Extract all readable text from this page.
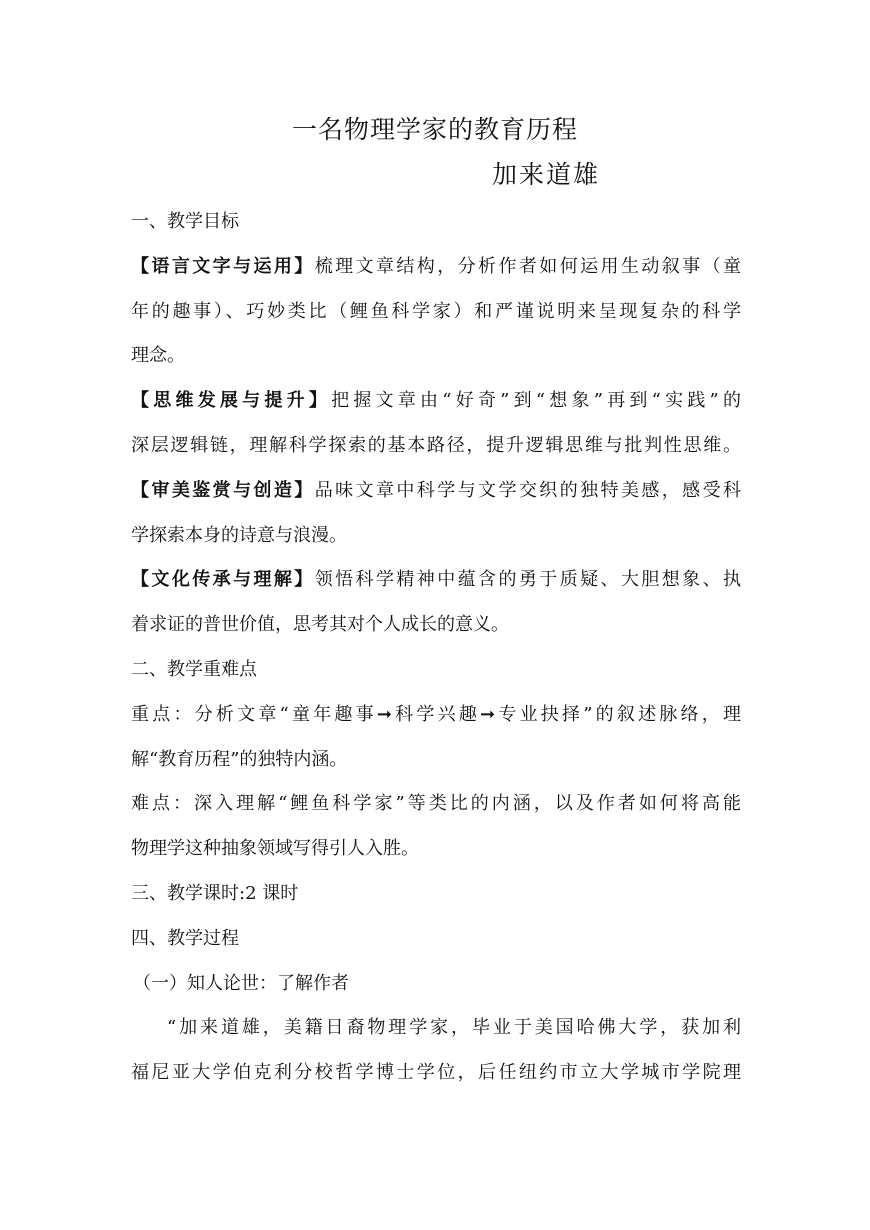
一名物理学家的教育历程
加来道雄
一、教学目标
【语言文字与运用】梳理文章结构，分析作者如何运用生动叙事（童
年的趣事）、巧妙类比（鲤鱼科学家）和严谨说明来呈现复杂的科学
理念。
【思维发展与提升】把握文章由“好奇”到“想象”再到“实践”的
深层逻辑链，理解科学探索的基本路径，提升逻辑思维与批判性思维。
【审美鉴赏与创造】品味文章中科学与文学交织的独特美感，感受科
学探索本身的诗意与浪漫。
【文化传承与理解】领悟科学精神中蕴含的勇于质疑、大胆想象、执
着求证的普世价值，思考其对个人成长的意义。
二、教学重难点
重点：分析文章“童年趣事➞科学兴趣➞专业抉择”的叙述脉络，理
解“教育历程”的独特内涵。
难点：深入理解“鲤鱼科学家”等类比的内涵，以及作者如何将高能
物理学这种抽象领域写得引人入胜。
三、教学课时:2 课时
四、教学过程
（一）知人论世：了解作者
“加来道雄，美籍日裔物理学家，毕业于美国哈佛大学，获加利
福尼亚大学伯克利分校哲学博士学位，后任纽约市立大学城市学院理
